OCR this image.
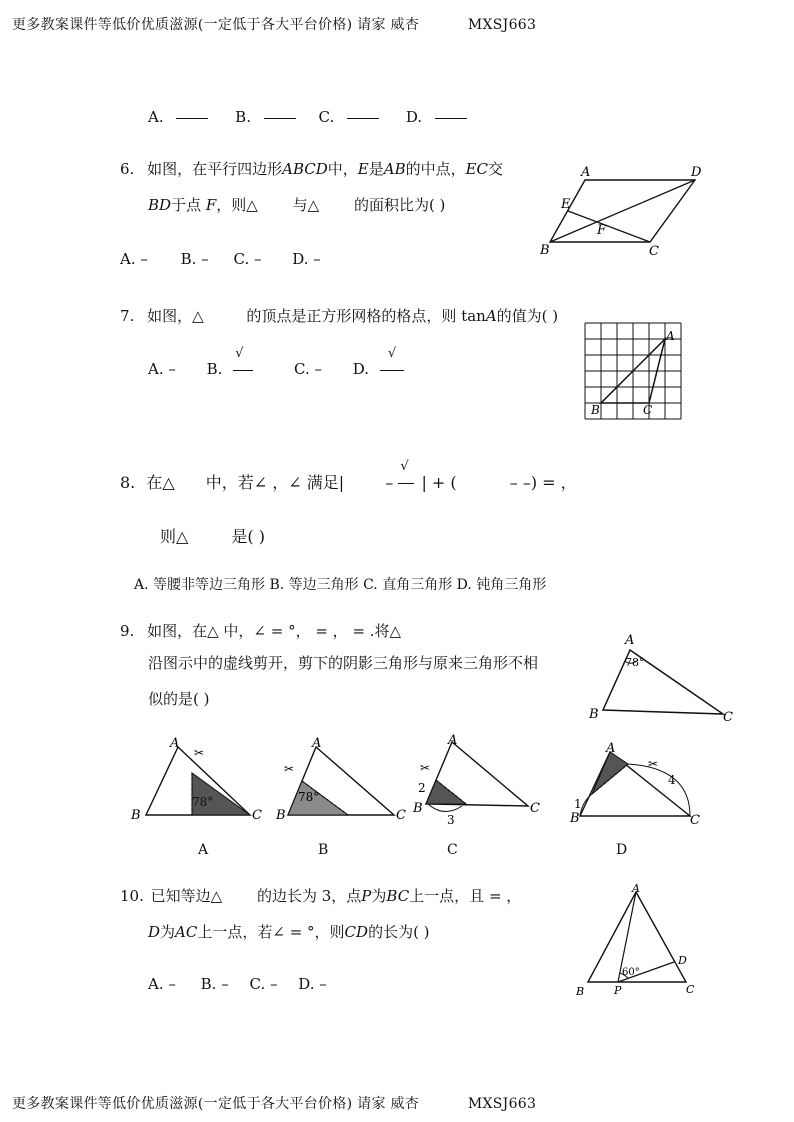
更多教案课件等低价优质滋源(一定低于各大平台价格) 请家 威杏	MXSJ663
A.	B.	C.	D.
6. 如图，在平行四边形ABCD中，E是AB的中点，EC交
BD于点 F，则△ 与△ 的面积比为( )
A. – B. – C. – D. –
A	D
E
F
B	C
7. 如图，△	的顶点是正方形网格的格点，则 tanA的值为( )
A. – B.
√
C. – D.
√
A
B	C
8. 在△ 中，若∠ ，∠ 满足|	–
√
| + (	– –) = ，
则△	是( )
A. 等腰非等边三角形 B. 等边三角形 C. 直角三角形 D. 钝角三角形
9. 如图，在△ 中，∠ = °， = ， = .将△
沿图示中的虚线剪开，剪下的阴影三角形与原来三角形不相
似的是( )
A
78°
B	C
✂
78°
A
B	C
A
✂
78°
A
B	C
B
✂
2
3
A
B	C
C
✂
1
4
A
B	C
D
10. 已知等边△ 的边长为 3，点P为BC上一点，且 = ，
D为AC上一点，若∠ = °，则CD的长为( )
A. – B. – C. – D. –
A
60°
D
B	P	C
更多教案课件等低价优质滋源(一定低于各大平台价格) 请家 威杏	MXSJ663
